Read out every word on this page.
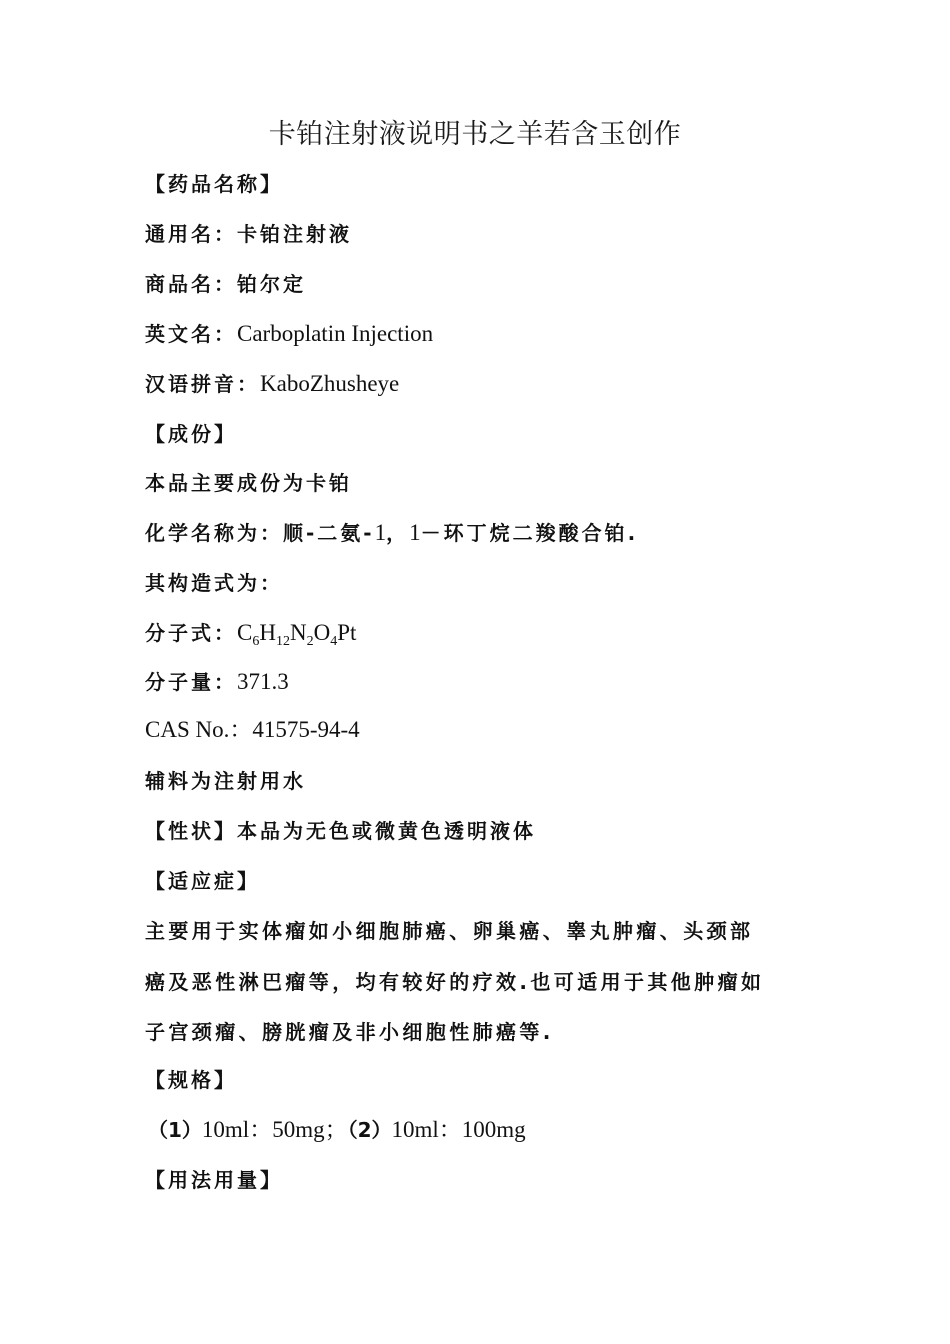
卡铂注射液说明书之羊若含玉创作
【药品名称】
通用名：卡铂注射液
商品名：铂尔定
英文名：Carboplatin Injection
汉语拼音：KaboZhusheye
【成份】
本品主要成份为卡铂
化学名称为：顺-二氨-1，1－环丁烷二羧酸合铂.
其构造式为：
分子式：$C_6H_{12}N_2O_4Pt$
分子量：371.3
CAS No.：41575-94-4
辅料为注射用水
【性状】本品为无色或微黄色透明液体
【适应症】
主要用于实体瘤如小细胞肺癌、卵巢癌、睾丸肿瘤、头颈部
癌及恶性淋巴瘤等，均有较好的疗效.也可适用于其他肿瘤如
子宫颈瘤、膀胱瘤及非小细胞性肺癌等.
【规格】
（1）10ml：50mg；（2）10ml：100mg
【用法用量】
